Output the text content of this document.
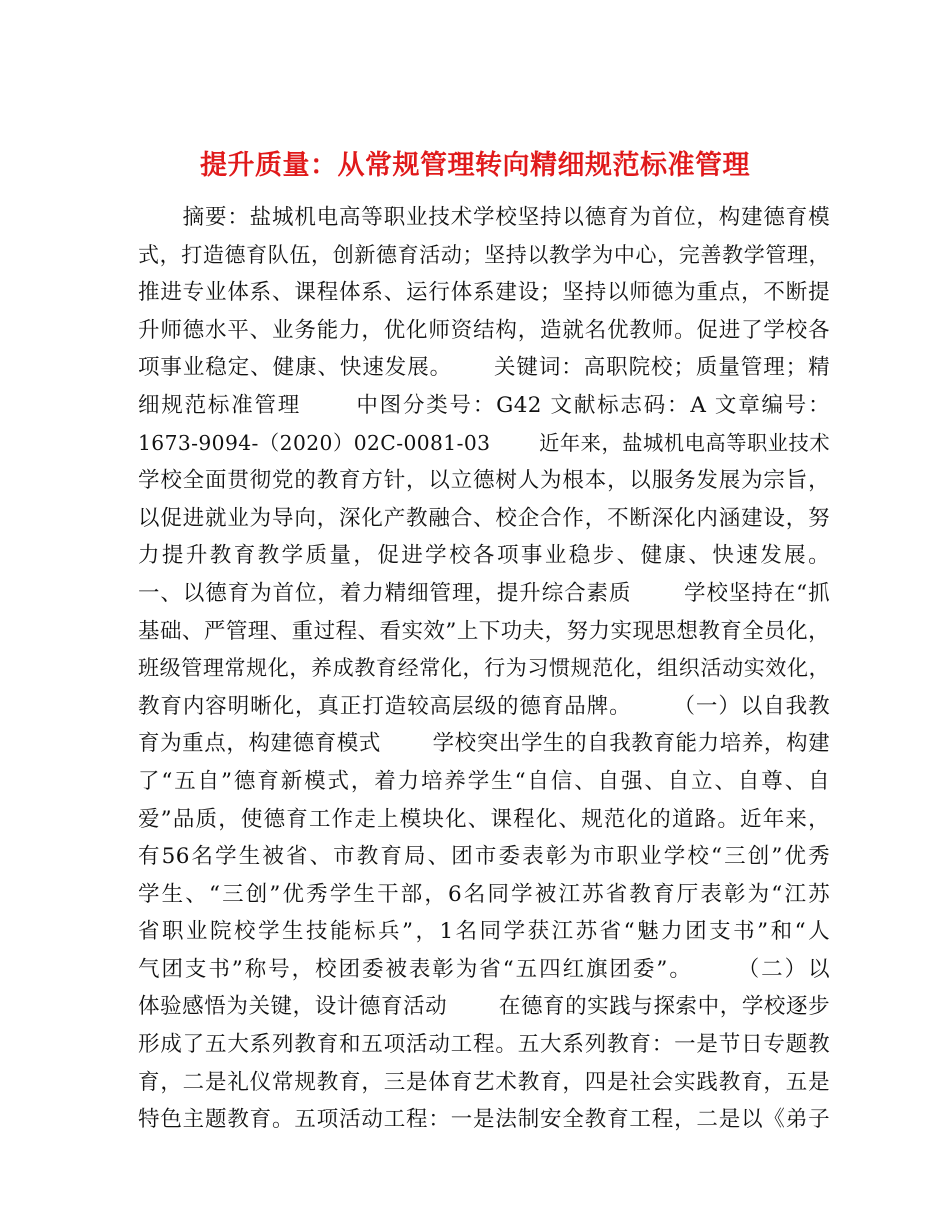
提升质量：从常规管理转向精细规范标准管理
　　摘要：盐城机电高等职业技术学校坚持以德育为首位，构建德育模
式，打造德育队伍，创新德育活动；坚持以教学为中心，完善教学管理，
推进专业体系、课程体系、运行体系建设；坚持以师德为重点，不断提
升师德水平、业务能力，优化师资结构，造就名优教师。促进了学校各
项事业稳定、健康、快速发展。　　 关键词：高职院校；质量管理；精
细规范标准管理　　 中图分类号：G42 文献标志码：A 文章编号：
1673-9094-（2020）02C-0081-03　　 近年来，盐城机电高等职业技术
学校全面贯彻党的教育方针，以立德树人为根本，以服务发展为宗旨，
以促进就业为导向，深化产教融合、校企合作，不断深化内涵建设，努
力提升教育教学质量，促进学校各项事业稳步、健康、快速发展。
一、以德育为首位，着力精细管理，提升综合素质　　 学校坚持在“抓
基础、严管理、重过程、看实效”上下功夫，努力实现思想教育全员化，
班级管理常规化，养成教育经常化，行为习惯规范化，组织活动实效化，
教育内容明晰化，真正打造较高层级的德育品牌。　　 （一）以自我教
育为重点，构建德育模式　　 学校突出学生的自我教育能力培养，构建
了“五自”德育新模式，着力培养学生“自信、自强、自立、自尊、自
爱”品质，使德育工作走上模块化、课程化、规范化的道路。近年来，
有56名学生被省、市教育局、团市委表彰为市职业学校“三创”优秀
学生、“三创”优秀学生干部，6名同学被江苏省教育厅表彰为“江苏
省职业院校学生技能标兵”，1名同学获江苏省“魅力团支书”和“人
气团支书”称号，校团委被表彰为省“五四红旗团委”。　　 （二）以
体验感悟为关键，设计德育活动　　 在德育的实践与探索中，学校逐步
形成了五大系列教育和五项活动工程。五大系列教育：一是节日专题教
育，二是礼仪常规教育，三是体育艺术教育，四是社会实践教育，五是
特色主题教育。五项活动工程：一是法制安全教育工程，二是以《弟子
